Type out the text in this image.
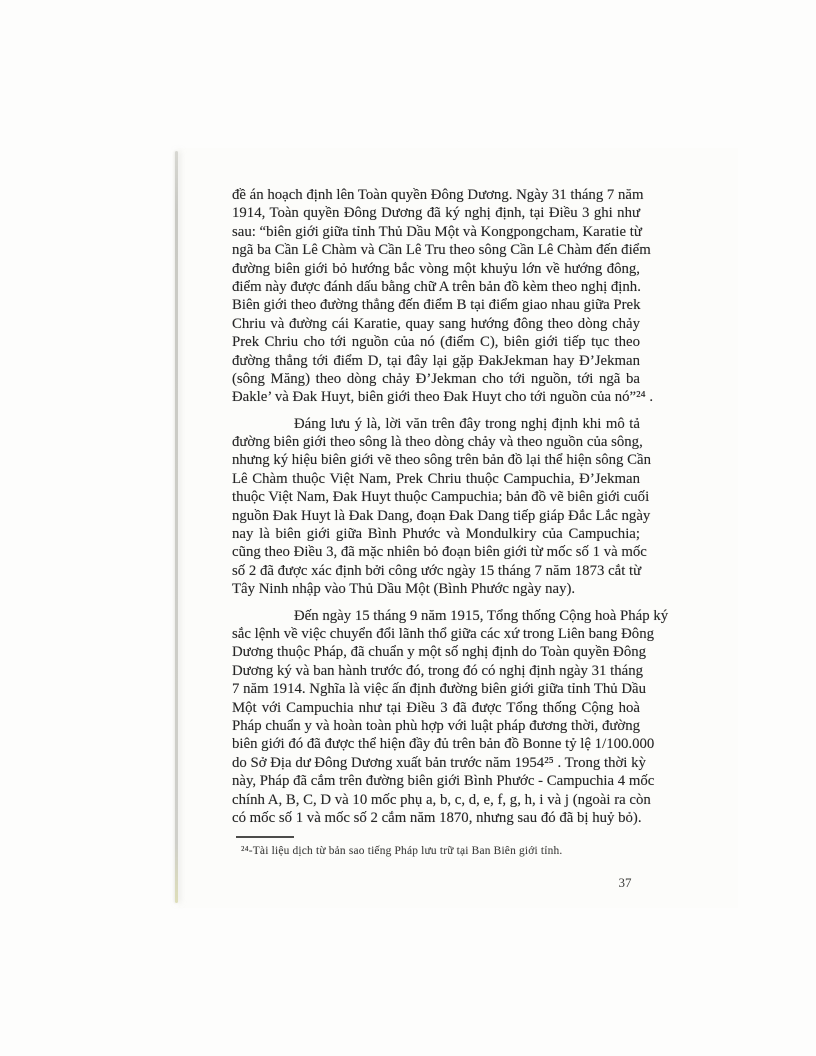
đề án hoạch định lên Toàn quyền Đông Dương. Ngày 31 tháng 7 năm
1914, Toàn quyền Đông Dương đã ký nghị định, tại Điều 3 ghi như
sau: “biên giới giữa tỉnh Thủ Dầu Một và Kongpongcham, Karatie từ
ngã ba Cần Lê Chàm và Cần Lê Tru theo sông Cần Lê Chàm đến điểm
đường biên giới bỏ hướng bắc vòng một khuỷu lớn về hướng đông,
điểm này được đánh dấu bằng chữ A trên bản đồ kèm theo nghị định.
Biên giới theo đường thẳng đến điểm B tại điểm giao nhau giữa Prek
Chriu và đường cái Karatie, quay sang hướng đông theo dòng chảy
Prek Chriu cho tới nguồn của nó (điểm C), biên giới tiếp tục theo
đường thẳng tới điểm D, tại đây lại gặp ĐakJekman hay Đ’Jekman
(sông Măng) theo dòng chảy Đ’Jekman cho tới nguồn, tới ngã ba
Đakle’ và Đak Huyt, biên giới theo Đak Huyt cho tới nguồn của nó”²⁴ .
Đáng lưu ý là, lời văn trên đây trong nghị định khi mô tả
đường biên giới theo sông là theo dòng chảy và theo nguồn của sông,
nhưng ký hiệu biên giới vẽ theo sông trên bản đồ lại thể hiện sông Cần
Lê Chàm thuộc Việt Nam, Prek Chriu thuộc Campuchia, Đ’Jekman
thuộc Việt Nam, Đak Huyt thuộc Campuchia; bản đồ vẽ biên giới cuối
nguồn Đak Huyt là Đak Dang, đoạn Đak Dang tiếp giáp Đắc Lắc ngày
nay là biên giới giữa Bình Phước và Mondulkiry của Campuchia;
cũng theo Điều 3, đã mặc nhiên bỏ đoạn biên giới từ mốc số 1 và mốc
số 2 đã được xác định bởi công ước ngày 15 tháng 7 năm 1873 cắt từ
Tây Ninh nhập vào Thủ Dầu Một (Bình Phước ngày nay).
Đến ngày 15 tháng 9 năm 1915, Tổng thống Cộng hoà Pháp ký
sắc lệnh về việc chuyển đổi lãnh thổ giữa các xứ trong Liên bang Đông
Dương thuộc Pháp, đã chuẩn y một số nghị định do Toàn quyền Đông
Dương ký và ban hành trước đó, trong đó có nghị định ngày 31 tháng
7 năm 1914. Nghĩa là việc ấn định đường biên giới giữa tỉnh Thủ Dầu
Một với Campuchia như tại Điều 3 đã được Tổng thống Cộng hoà
Pháp chuẩn y và hoàn toàn phù hợp với luật pháp đương thời, đường
biên giới đó đã được thể hiện đầy đủ trên bản đồ Bonne tỷ lệ 1/100.000
do Sở Địa dư Đông Dương xuất bản trước năm 1954²⁵ . Trong thời kỳ
này, Pháp đã cắm trên đường biên giới Bình Phước - Campuchia 4 mốc
chính A, B, C, D và 10 mốc phụ a, b, c, d, e, f, g, h, i và j (ngoài ra còn
có mốc số 1 và mốc số 2 cắm năm 1870, nhưng sau đó đã bị huỷ bỏ).
²⁴-Tài liệu dịch từ bản sao tiếng Pháp lưu trữ tại Ban Biên giới tỉnh.
37
